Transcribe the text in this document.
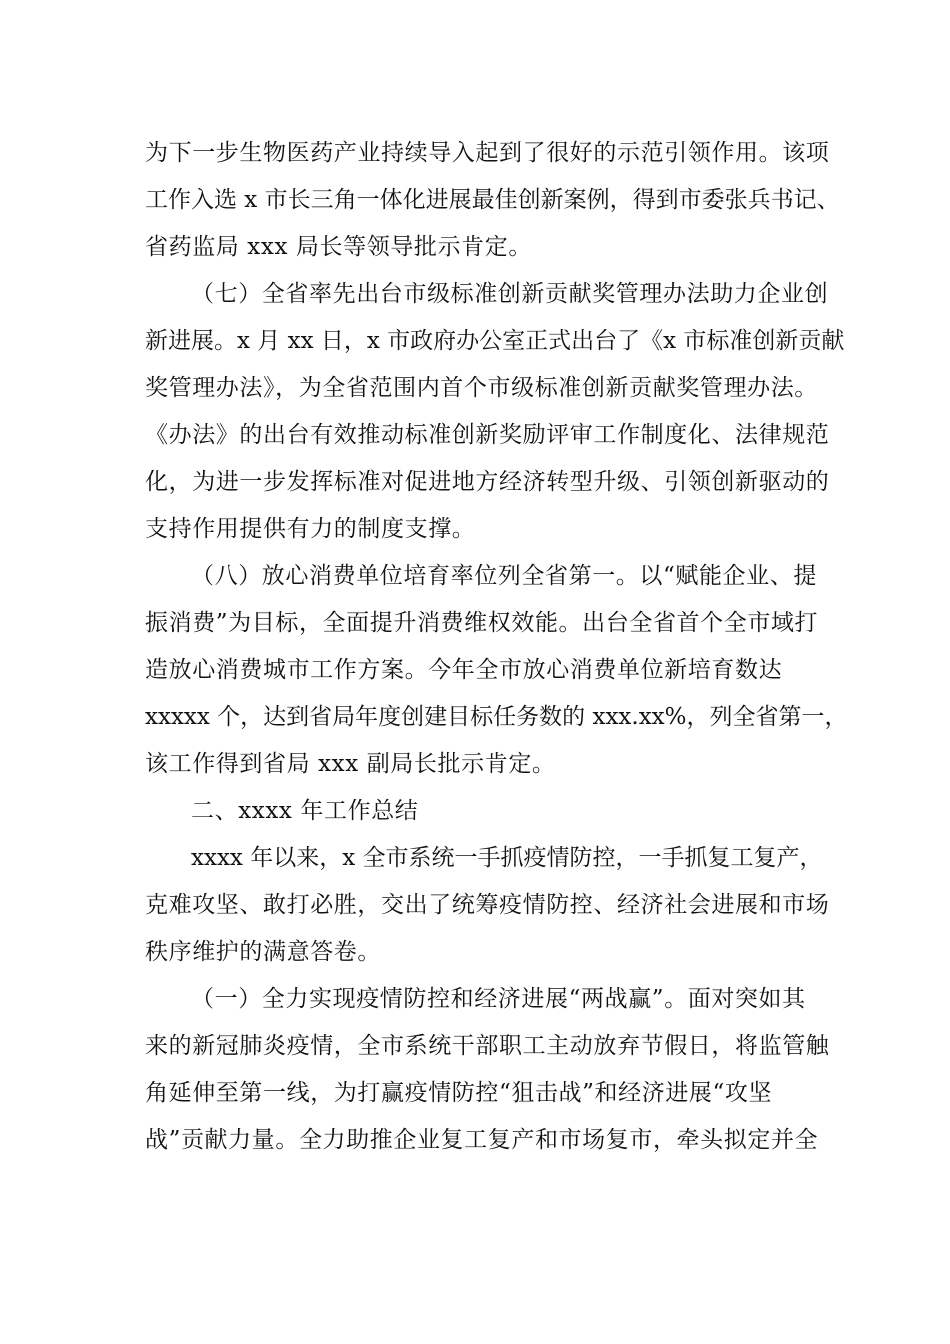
为下一步生物医药产业持续导入起到了很好的示范引领作用。该项
工作入选 x 市长三角一体化进展最佳创新案例，得到市委张兵书记、
省药监局 xxx 局长等领导批示肯定。
（七）全省率先出台市级标准创新贡献奖管理办法助力企业创
新进展。x 月 xx 日，x 市政府办公室正式出台了《x 市标准创新贡献
奖管理办法》，为全省范围内首个市级标准创新贡献奖管理办法。
《办法》的出台有效推动标准创新奖励评审工作制度化、法律规范
化，为进一步发挥标准对促进地方经济转型升级、引领创新驱动的
支持作用提供有力的制度支撑。
（八）放心消费单位培育率位列全省第一。以“赋能企业、提
振消费”为目标，全面提升消费维权效能。出台全省首个全市域打
造放心消费城市工作方案。今年全市放心消费单位新培育数达
xxxxx 个，达到省局年度创建目标任务数的 xxx.xx%，列全省第一，
该工作得到省局 xxx 副局长批示肯定。
二、xxxx 年工作总结
xxxx 年以来，x 全市系统一手抓疫情防控，一手抓复工复产，
克难攻坚、敢打必胜，交出了统筹疫情防控、经济社会进展和市场
秩序维护的满意答卷。
（一）全力实现疫情防控和经济进展“两战赢”。面对突如其
来的新冠肺炎疫情，全市系统干部职工主动放弃节假日，将监管触
角延伸至第一线，为打赢疫情防控“狙击战”和经济进展“攻坚
战”贡献力量。全力助推企业复工复产和市场复市，牵头拟定并全
